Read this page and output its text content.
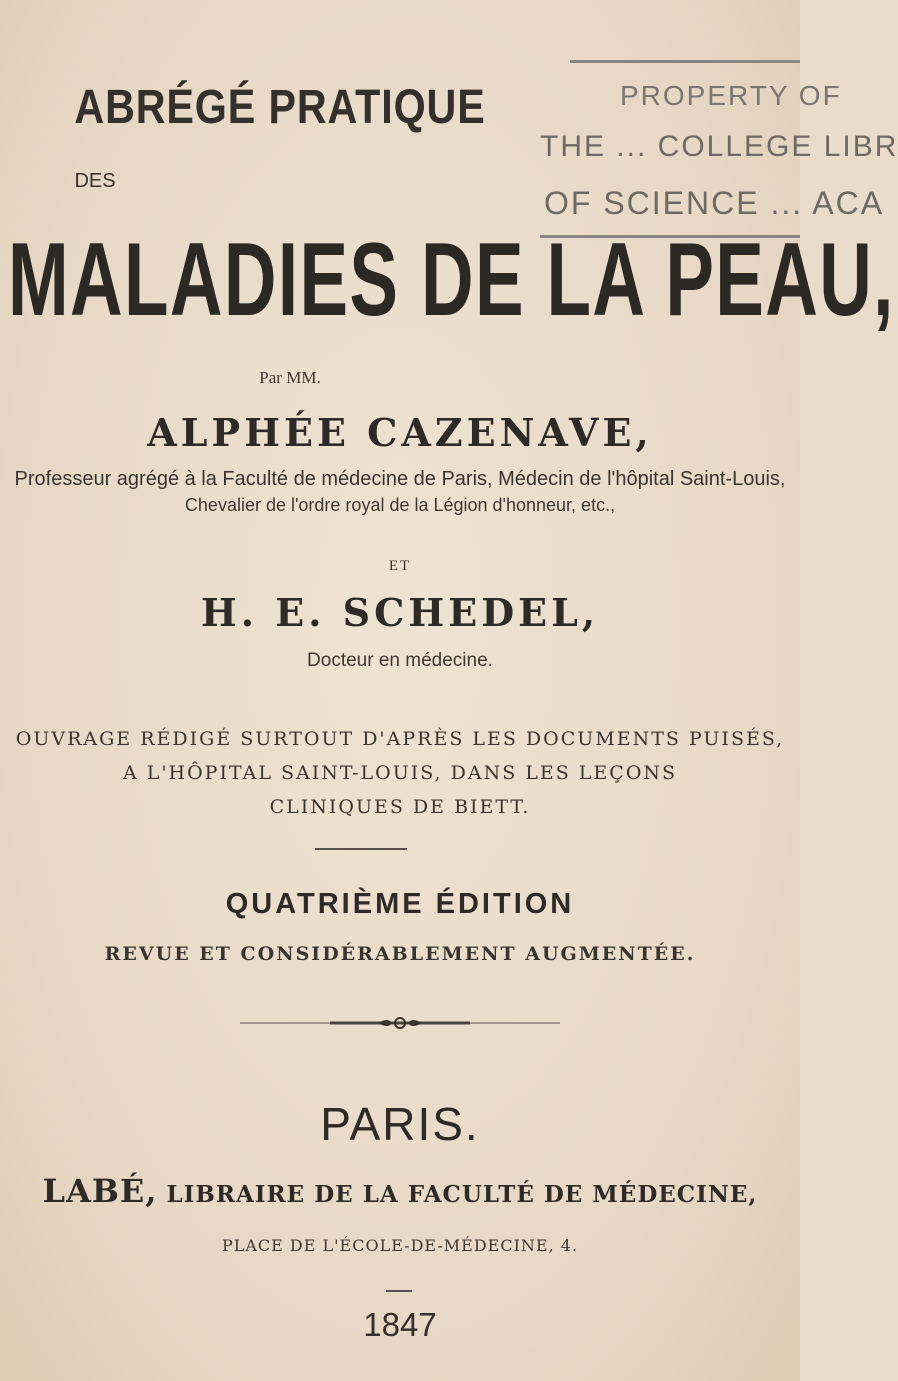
PROPERTY OF
THE ... COLLEGE LIBR
OF SCIENCE ... ACA
ABRÉGÉ PRATIQUE
DES
MALADIES DE LA PEAU,
Par MM.
ALPHÉE CAZENAVE,
Professeur agrégé à la Faculté de médecine de Paris, Médecin de l'hôpital Saint-Louis,
Chevalier de l'ordre royal de la Légion d'honneur, etc.,
ET
H. E. SCHEDEL,
Docteur en médecine.
OUVRAGE RÉDIGÉ SURTOUT D'APRÈS LES DOCUMENTS PUISÉS,
A L'HÔPITAL SAINT-LOUIS, DANS LES LEÇONS
CLINIQUES DE BIETT.
QUATRIÈME ÉDITION
REVUE ET CONSIDÉRABLEMENT AUGMENTÉE.
PARIS.
LABÉ, LIBRAIRE DE LA FACULTÉ DE MÉDECINE,
PLACE DE L'ÉCOLE-DE-MÉDECINE, 4.
1847
